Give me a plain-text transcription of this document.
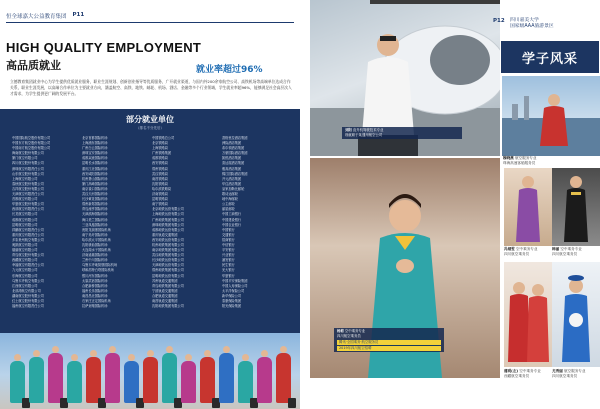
恒全球嘉大公益教育集团 P11
HIGH QUALITY EMPLOYMENT
高品质就业	就业率超过96%

立德教育集团就业中心为学生提供优质就业服务，职业生涯规划、创新创业指导等优质服务，广开就业渠道，与国内外200余家航空公司、高铁机场等高端单位达成合作关系，职业生涯发展，以高端合作单位为主要就业方向，涵盖航空、高铁、地铁、邮轮、机场、酒店、金融等多个行业领域，学生就业率超96%，能够满足社会高层次人才需求，为学生提供更广阔的发展平台。

部分就业单位
（排名不分先后）
中国国际航空股份有限公司
中国东方航空股份有限公司
中国南方航空股份有限公司
海南航空股份有限公司
厦门航空有限公司
四川航空股份有限公司
深圳航空有限责任公司
山东航空股份有限公司
上海航空有限公司
春秋航空股份有限公司
吉祥航空股份有限公司
天津航空有限责任公司
首都航空有限公司
华夏航空股份有限公司
西部航空有限责任公司
长龙航空有限公司
成都航空有限公司
昆明航空有限公司
祥鹏航空有限责任公司
重庆航空有限责任公司
多彩贵州航空有限公司
奥凯航空有限公司
瑞丽航空有限公司
青岛航空股份有限公司
西藏航空有限公司
幸福航空有限责任公司
九元航空有限公司
东海航空有限公司
乌鲁木齐航空有限公司
江西航空有限公司
北部湾航空有限公司
湖南航空股份有限公司
红土航空股份有限公司
福州航空有限责任公司
北京首都国际机场
上海浦东国际机场
广州白云国际机场
深圳宝安国际机场
成都双流国际机场
昆明长水国际机场
重庆江北国际机场
西安咸阳国际机场
杭州萧山国际机场
厦门高崎国际机场
南京禄口国际机场
武汉天河国际机场
长沙黄花国际机场
郑州新郑国际机场
青岛流亭国际机场
天津滨海国际机场
海口美兰国际机场
三亚凤凰国际机场
贵阳龙洞堡国际机场
南宁吴圩国际机场
哈尔滨太平国际机场
沈阳桃仙国际机场
大连周水子国际机场
济南遥墙国际机场
兰州中川国际机场
乌鲁木齐地窝堡国际机场
呼和浩特白塔国际机场
银川河东国际机场
太原武宿国际机场
合肥新桥国际机场
福州长乐国际机场
南昌昌北国际机场
石家庄正定国际机场
拉萨贡嘎国际机场
中国铁路总公司
北京铁路局
上海铁路局
广州铁路集团
成都铁路局
西安铁路局
郑州铁路局
武汉铁路局
南昌铁路局
沈阳铁路局
哈尔滨铁路局
济南铁路局
昆明铁路局
南宁铁路局
北京地铁运营有限公司
上海地铁运营有限公司
广州地铁集团有限公司
深圳地铁集团有限公司
成都地铁运营有限公司
重庆轨道交通集团
西安地铁运营有限公司
杭州地铁集团有限公司
南京地铁集团有限公司
武汉地铁集团有限公司
长沙地铁运营有限公司
天津地铁运营有限公司
郑州地铁集团有限公司
昆明地铁运营有限公司
苏州轨道交通集团
青岛地铁集团有限公司
宁波轨道交通集团
合肥轨道交通集团
南昌轨道交通集团
沈阳地铁集团有限公司
香格里拉酒店集团
洲际酒店集团
希尔顿酒店集团
万豪国际酒店集团
凯悦酒店集团
喜达屋酒店集团
雅高酒店集团
锦江国际酒店集团
开元酒店集团
华住酒店集团
皇家加勒比邮轮
歌诗达邮轮
地中海邮轮
公主邮轮
丽星邮轮
中国工商银行
中国建设银行
中国农业银行
中国银行
交通银行
招商银行
中信银行
平安银行
兴业银行
浦发银行
民生银行
光大银行
华夏银行
中国平安保险集团
中国人寿保险公司
太平洋保险公司
新华保险公司
泰康保险集团
阳光保险集团
刘阳 直升机驾驶技术专业
现就职于某通用航空公司
P12 四川嘉美大学
国家级AAA旅游景区
学子风采
穆晓燕 航空服务专业
珠海高速客船服务员
杨莉 空中乘务专业
四川航空乘务员
腾讯·全国乘务·航空服务员
2019年四川航空招聘
冯婧雯 空中乘务专业
四川航空乘务员
韩丽 空中乘务专业
四川航空乘务员
蒲玥(左) 空中乘务专业
西藏航空乘务员
尤秀丽 航空服务专业
四川航空乘务员
